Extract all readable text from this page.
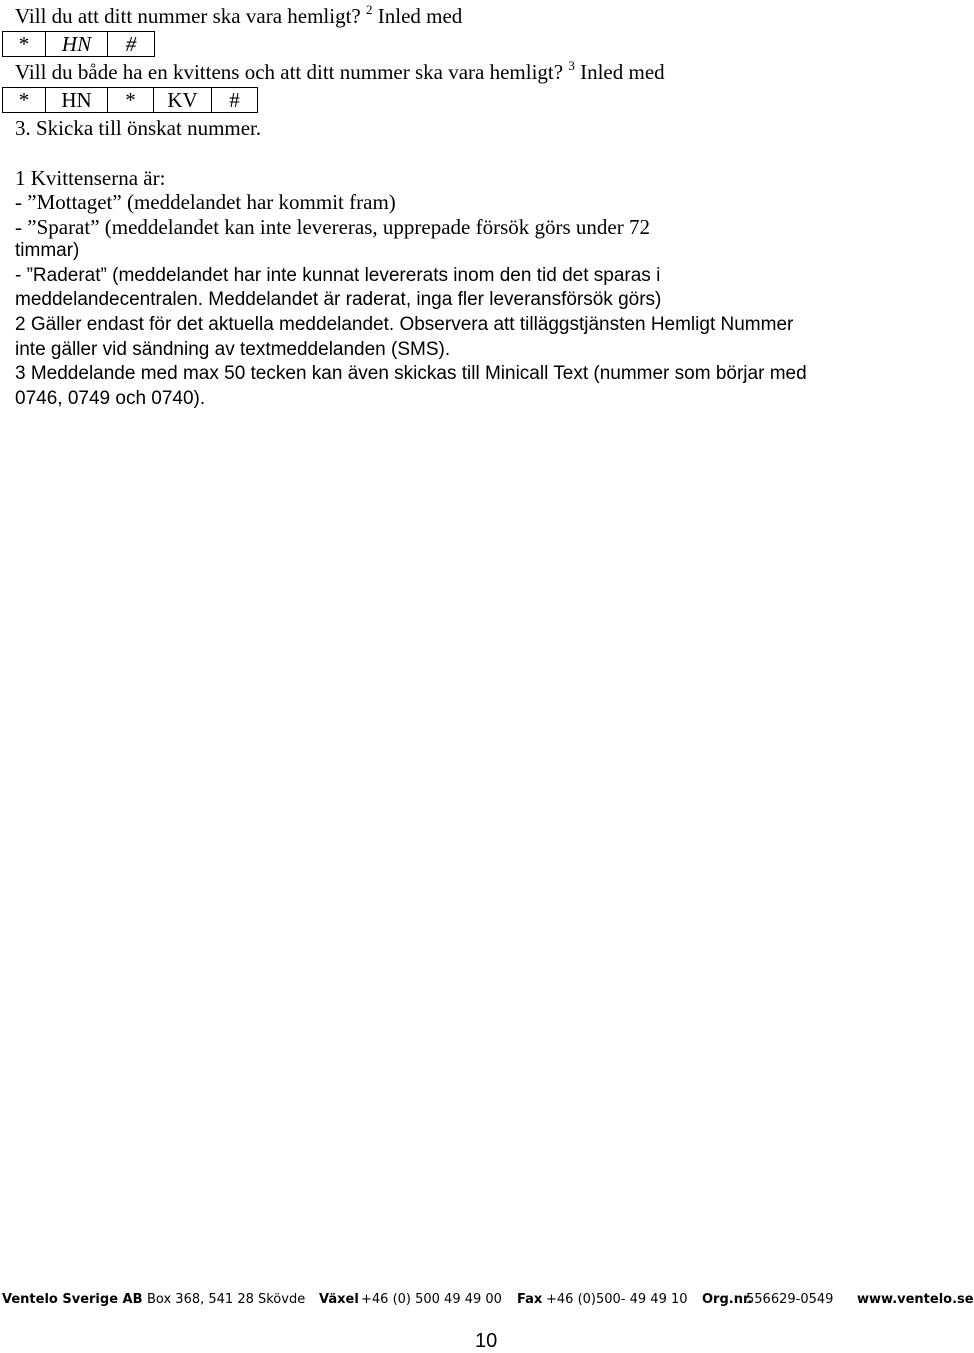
Vill du att ditt nummer ska vara hemligt? $^2$ Inled med
*	HN	#
Vill du både ha en kvittens och att ditt nummer ska vara hemligt? $^3$ Inled med
*	HN	*	KV	#
3. Skicka till önskat nummer.
1 Kvittenserna är:
- ”Mottaget” (meddelandet har kommit fram)
- ”Sparat” (meddelandet kan inte levereras, upprepade försök görs under 72
timmar)
- ”Raderat” (meddelandet har inte kunnat levererats inom den tid det sparas i
meddelandecentralen. Meddelandet är raderat, inga fler leveransförsök görs)
2 Gäller endast för det aktuella meddelandet. Observera att tilläggstjänsten Hemligt Nummer
inte gäller vid sändning av textmeddelanden (SMS).
3 Meddelande med max 50 tecken kan även skickas till Minicall Text (nummer som börjar med
0746, 0749 och 0740).
Ventelo Sverige AB Box 368, 541 28 Skövde Växel +46 (0) 500 49 49 00 Fax +46 (0)500- 49 49 10 Org.nr.
556629-0549 www.ventelo.se
10
